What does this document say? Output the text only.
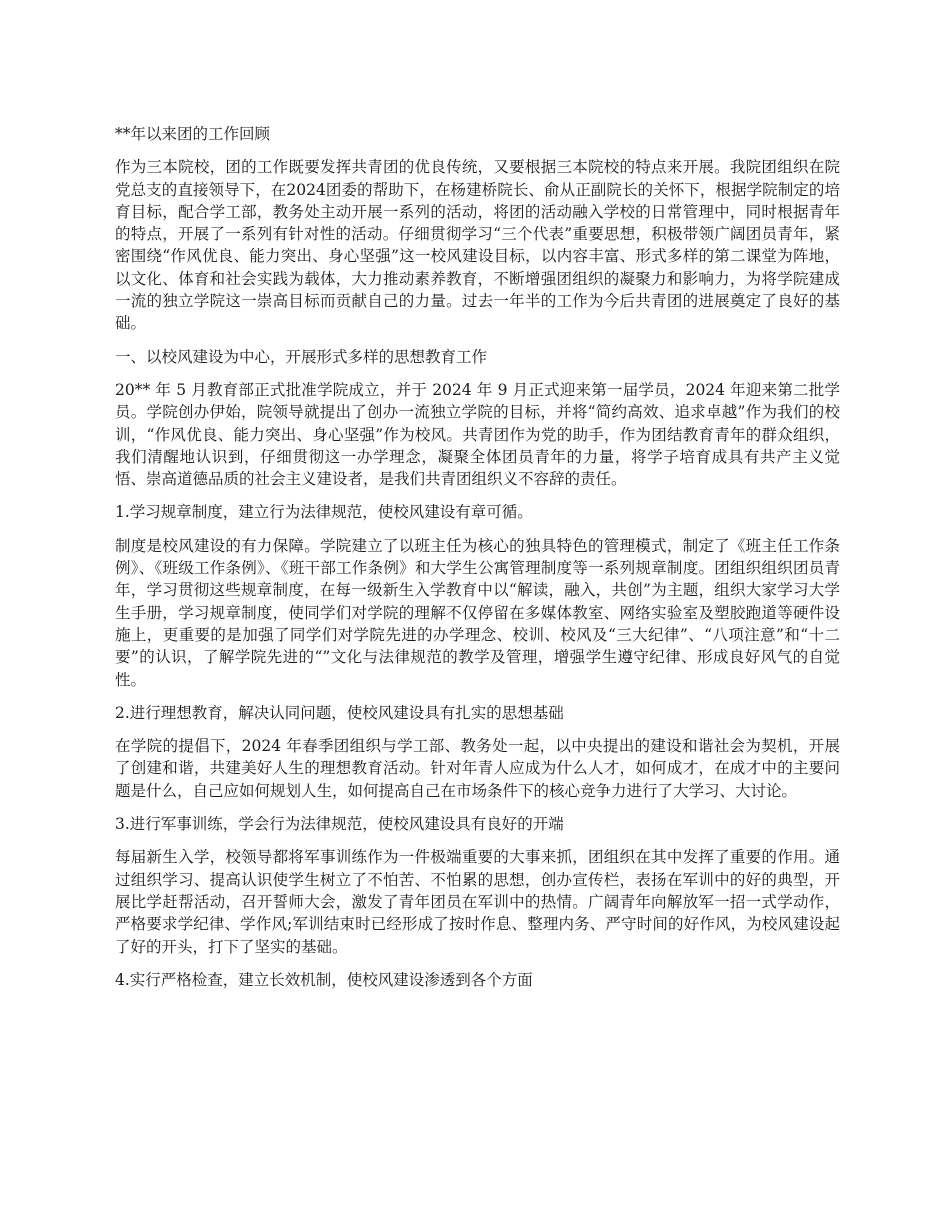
**年以来团的工作回顾

作为三本院校，团的工作既要发挥共青团的优良传统，又要根据三本院校的特点来开展。我院团组织在院党总支的直接领导下，在2024团委的帮助下，在杨建桥院长、俞从正副院长的关怀下，根据学院制定的培育目标，配合学工部，教务处主动开展一系列的活动，将团的活动融入学校的日常管理中，同时根据青年的特点，开展了一系列有针对性的活动。仔细贯彻学习“三个代表”重要思想，积极带领广阔团员青年，紧密围绕“作风优良、能力突出、身心坚强”这一校风建设目标，以内容丰富、形式多样的第二课堂为阵地，以文化、体育和社会实践为载体，大力推动素养教育，不断增强团组织的凝聚力和影响力，为将学院建成一流的独立学院这一崇高目标而贡献自己的力量。过去一年半的工作为今后共青团的进展奠定了良好的基础。

一、以校风建设为中心，开展形式多样的思想教育工作

20** 年 5 月教育部正式批准学院成立，并于 2024 年 9 月正式迎来第一届学员，2024 年迎来第二批学员。学院创办伊始，院领导就提出了创办一流独立学院的目标，并将“简约高效、追求卓越”作为我们的校训，“作风优良、能力突出、身心坚强”作为校风。共青团作为党的助手，作为团结教育青年的群众组织，我们清醒地认识到，仔细贯彻这一办学理念，凝聚全体团员青年的力量，将学子培育成具有共产主义觉悟、崇高道德品质的社会主义建设者，是我们共青团组织义不容辞的责任。

1.学习规章制度，建立行为法律规范，使校风建设有章可循。

制度是校风建设的有力保障。学院建立了以班主任为核心的独具特色的管理模式，制定了《班主任工作条例》、《班级工作条例》、《班干部工作条例》和大学生公寓管理制度等一系列规章制度。团组织组织团员青年，学习贯彻这些规章制度，在每一级新生入学教育中以“解读，融入，共创”为主题，组织大家学习大学生手册，学习规章制度，使同学们对学院的理解不仅停留在多媒体教室、网络实验室及塑胶跑道等硬件设施上，更重要的是加强了同学们对学院先进的办学理念、校训、校风及“三大纪律”、“八项注意”和“十二要”的认识，了解学院先进的“”文化与法律规范的教学及管理，增强学生遵守纪律、形成良好风气的自觉性。

2.进行理想教育，解决认同问题，使校风建设具有扎实的思想基础

在学院的提倡下，2024 年春季团组织与学工部、教务处一起，以中央提出的建设和谐社会为契机，开展了创建和谐，共建美好人生的理想教育活动。针对年青人应成为什么人才，如何成才，在成才中的主要问题是什么，自己应如何规划人生，如何提高自己在市场条件下的核心竞争力进行了大学习、大讨论。

3.进行军事训练，学会行为法律规范，使校风建设具有良好的开端

每届新生入学，校领导都将军事训练作为一件极端重要的大事来抓，团组织在其中发挥了重要的作用。通过组织学习、提高认识使学生树立了不怕苦、不怕累的思想，创办宣传栏，表扬在军训中的好的典型，开展比学赶帮活动，召开誓师大会，激发了青年团员在军训中的热情。广阔青年向解放军一招一式学动作，严格要求学纪律、学作风;军训结束时已经形成了按时作息、整理内务、严守时间的好作风，为校风建设起了好的开头，打下了坚实的基础。

4.实行严格检查，建立长效机制，使校风建设渗透到各个方面
